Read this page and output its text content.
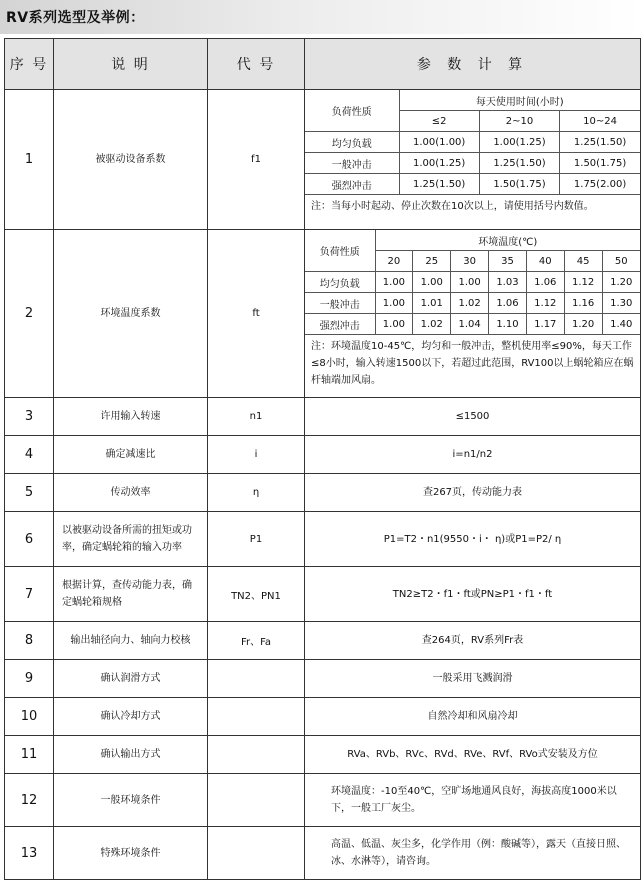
RV系列选型及举例：
序 号	说 明	代 号	参 数 计 算
1	被驱动设备系数	f1	
负荷性质	每天使用时间(小时)
≤2	2~10	10~24
均匀负载	1.00(1.00)	1.00(1.25)	1.25(1.50)
一般冲击	1.00(1.25)	1.25(1.50)	1.50(1.75)
强烈冲击	1.25(1.50)	1.50(1.75)	1.75(2.00)
注：当每小时起动、停止次数在10次以上，请使用括号内数值。

2	环境温度系数	ft	
负荷性质	环境温度(℃)
20	25	30	35	40	45	50
均匀负载	1.00	1.00	1.00	1.03	1.06	1.12	1.20
一般冲击	1.00	1.01	1.02	1.06	1.12	1.16	1.30
强烈冲击	1.00	1.02	1.04	1.10	1.17	1.20	1.40
注：环境温度10-45℃，均匀和一般冲击，整机使用率≤90%，每天工作≤8小时，输入转速1500以下，若超过此范围，RV100以上蜗轮箱应在蜗杆轴端加风扇。

3	许用输入转速	n1	≤1500
4	确定减速比	i	i=n1/n2
5	传动效率	η	查267页，传动能力表
6	以被驱动设备所需的扭矩或功率，确定蜗轮箱的输入功率	P1	P1=T2・n1(9550・i・ η)或P1=P2/ η
7	根据计算，查传动能力表，确定蜗轮箱规格	TN2、PN1	TN2≥T2・f1・ft或PN≥P1・f1・ft
8	输出轴径向力、轴向力校核	Fr、Fa	查264页，RV系列Fr表
9	确认润滑方式		一般采用飞溅润滑
10	确认冷却方式		自然冷却和风扇冷却
11	确认输出方式		RVa、RVb、RVc、RVd、RVe、RVf、RVo式安装及方位
12	一般环境条件		环境温度：-10至40℃，空旷场地通风良好，海拔高度1000米以下，一般工厂灰尘。
13	特殊环境条件		高温、低温、灰尘多，化学作用（例：酸碱等），露天（直接日照、冰、水淋等），请咨询。
